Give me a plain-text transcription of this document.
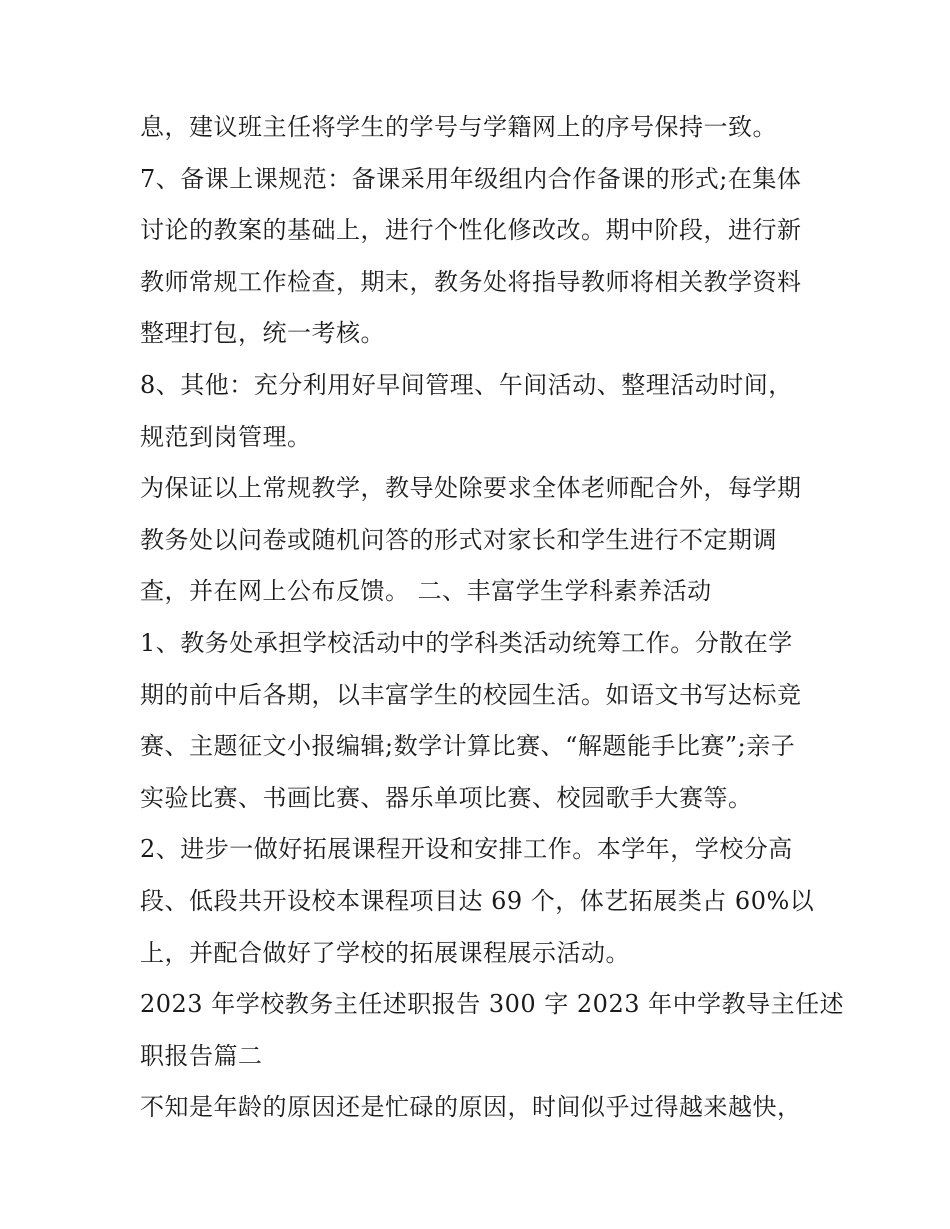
息，建议班主任将学生的学号与学籍网上的序号保持一致。
7、备课上课规范：备课采用年级组内合作备课的形式;在集体
讨论的教案的基础上，进行个性化修改改。期中阶段，进行新
教师常规工作检查，期末，教务处将指导教师将相关教学资料
整理打包，统一考核。
8、其他：充分利用好早间管理、午间活动、整理活动时间，
规范到岗管理。
为保证以上常规教学，教导处除要求全体老师配合外，每学期
教务处以问卷或随机问答的形式对家长和学生进行不定期调
查，并在网上公布反馈。 二、丰富学生学科素养活动
1、教务处承担学校活动中的学科类活动统筹工作。分散在学
期的前中后各期，以丰富学生的校园生活。如语文书写达标竞
赛、主题征文小报编辑;数学计算比赛、“解题能手比赛”;亲子
实验比赛、书画比赛、器乐单项比赛、校园歌手大赛等。
2、进步一做好拓展课程开设和安排工作。本学年，学校分高
段、低段共开设校本课程项目达 69 个，体艺拓展类占 60%以
上，并配合做好了学校的拓展课程展示活动。
2023 年学校教务主任述职报告 300 字 2023 年中学教导主任述
职报告篇二
不知是年龄的原因还是忙碌的原因，时间似乎过得越来越快，
